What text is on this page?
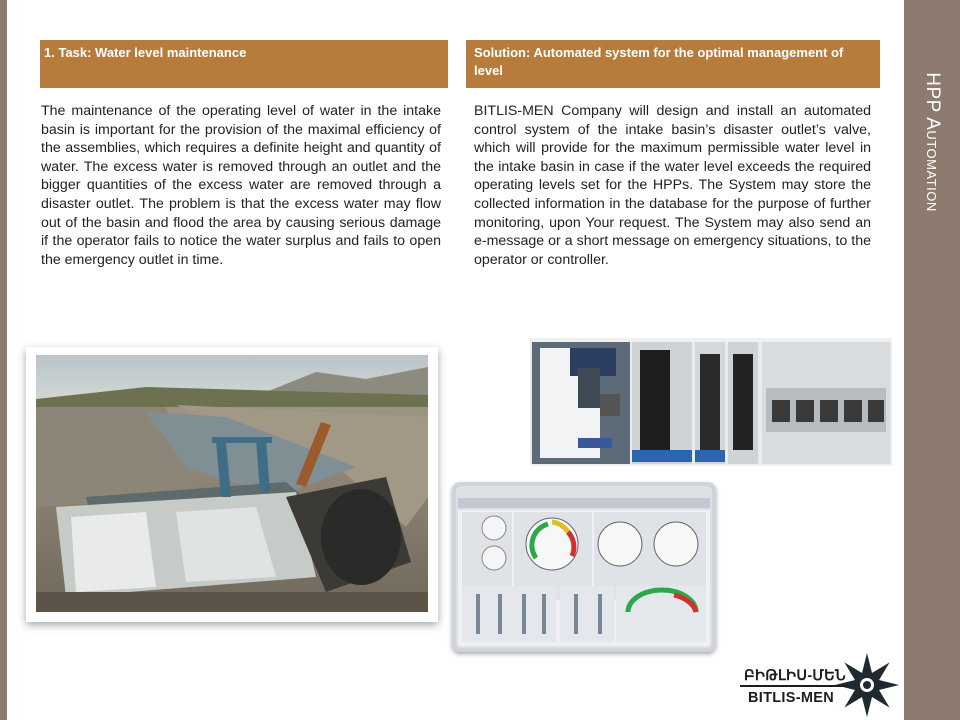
HPP Automation
1. Task: Water level maintenance	Solution: Automated system for the optimal management of level

The maintenance of the operating level of water in the intake basin is important for the provision of the maximal efficiency of the assemblies, which requires a definite height and quantity of water. The excess water is removed through an outlet and the bigger quantities of the excess water are removed through a disaster outlet. The problem is that the excess water may flow out of the basin and flood the area by causing serious damage if the operator fails to notice the water surplus and fails to open the emergency outlet in time.

BITLIS-MEN Company will design and install an automated control system of the intake basin’s disaster outlet’s valve, which will provide for the maximum permissible water level in the intake basin in case if the water level exceeds the required operating levels set for the HPPs. The System may store the collected information in the database for the purpose of further monitoring, upon Your request. The System may also send an e-message or a short message on emergency situations, to the operator or controller.

ԲԻԹԼԻՍ-ՄԵՆ
BITLIS-MEN
